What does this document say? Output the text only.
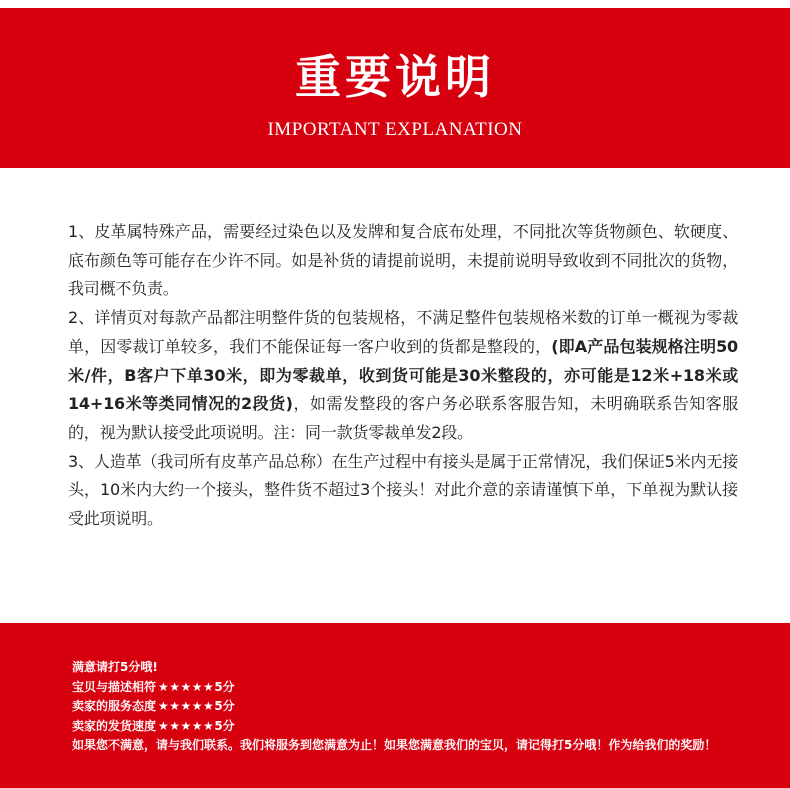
重要说明
IMPORTANT EXPLANATION

1、皮革属特殊产品，需要经过染色以及发牌和复合底布处理，不同批次等货物颜色、软硬度、底布颜色等可能存在少许不同。如是补货的请提前说明，未提前说明导致收到不同批次的货物，我司概不负责。

2、详情页对每款产品都注明整件货的包装规格，不满足整件包装规格米数的订单一概视为零裁单，因零裁订单较多，我们不能保证每一客户收到的货都是整段的，(即A产品包装规格注明50米/件，B客户下单30米，即为零裁单，收到货可能是30米整段的，亦可能是12米+18米或14+16米等类同情况的2段货)，如需发整段的客户务必联系客服告知，未明确联系告知客服的，视为默认接受此项说明。注：同一款货零裁单发2段。

3、人造革（我司所有皮革产品总称）在生产过程中有接头是属于正常情况，我们保证5米内无接头，10米内大约一个接头，整件货不超过3个接头！对此介意的亲请谨慎下单，下单视为默认接受此项说明。

满意请打5分哦!
宝贝与描述相符 ★★★★★5分
卖家的服务态度 ★★★★★5分
卖家的发货速度 ★★★★★5分
如果您不满意，请与我们联系。我们将服务到您满意为止！如果您满意我们的宝贝，请记得打5分哦！作为给我们的奖励！
